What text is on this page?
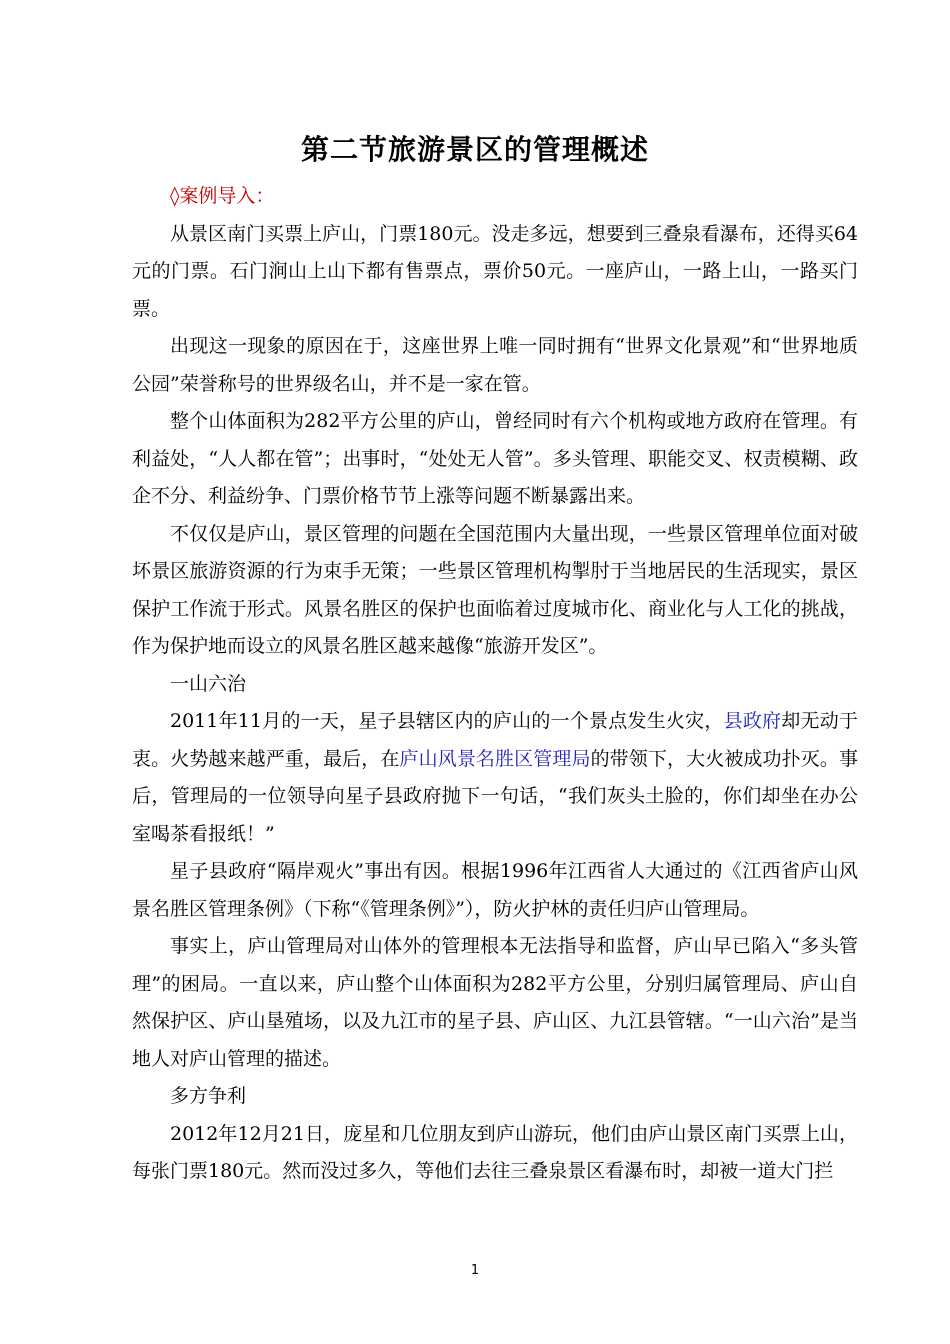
第二节旅游景区的管理概述

◊案例导入：

从景区南门买票上庐山，门票180元。没走多远，想要到三叠泉看瀑布，还得买64元的门票。石门涧山上山下都有售票点，票价50元。一座庐山，一路上山，一路买门票。

出现这一现象的原因在于，这座世界上唯一同时拥有“世界文化景观”和“世界地质公园”荣誉称号的世界级名山，并不是一家在管。

整个山体面积为282平方公里的庐山，曾经同时有六个机构或地方政府在管理。有利益处，“人人都在管”；出事时，“处处无人管”。多头管理、职能交叉、权责模糊、政企不分、利益纷争、门票价格节节上涨等问题不断暴露出来。

不仅仅是庐山，景区管理的问题在全国范围内大量出现，一些景区管理单位面对破坏景区旅游资源的行为束手无策；一些景区管理机构掣肘于当地居民的生活现实，景区保护工作流于形式。风景名胜区的保护也面临着过度城市化、商业化与人工化的挑战，作为保护地而设立的风景名胜区越来越像“旅游开发区”。

一山六治

2011年11月的一天，星子县辖区内的庐山的一个景点发生火灾，县政府却无动于衷。火势越来越严重，最后，在庐山风景名胜区管理局的带领下，大火被成功扑灭。事后，管理局的一位领导向星子县政府抛下一句话，“我们灰头土脸的，你们却坐在办公室喝茶看报纸！”

星子县政府“隔岸观火”事出有因。根据1996年江西省人大通过的《江西省庐山风景名胜区管理条例》（下称“《管理条例》”），防火护林的责任归庐山管理局。

事实上，庐山管理局对山体外的管理根本无法指导和监督，庐山早已陷入“多头管理”的困局。一直以来，庐山整个山体面积为282平方公里，分别归属管理局、庐山自然保护区、庐山垦殖场，以及九江市的星子县、庐山区、九江县管辖。“一山六治”是当地人对庐山管理的描述。

多方争利

2012年12月21日，庞星和几位朋友到庐山游玩，他们由庐山景区南门买票上山，每张门票180元。然而没过多久，等他们去往三叠泉景区看瀑布时，却被一道大门拦

1
